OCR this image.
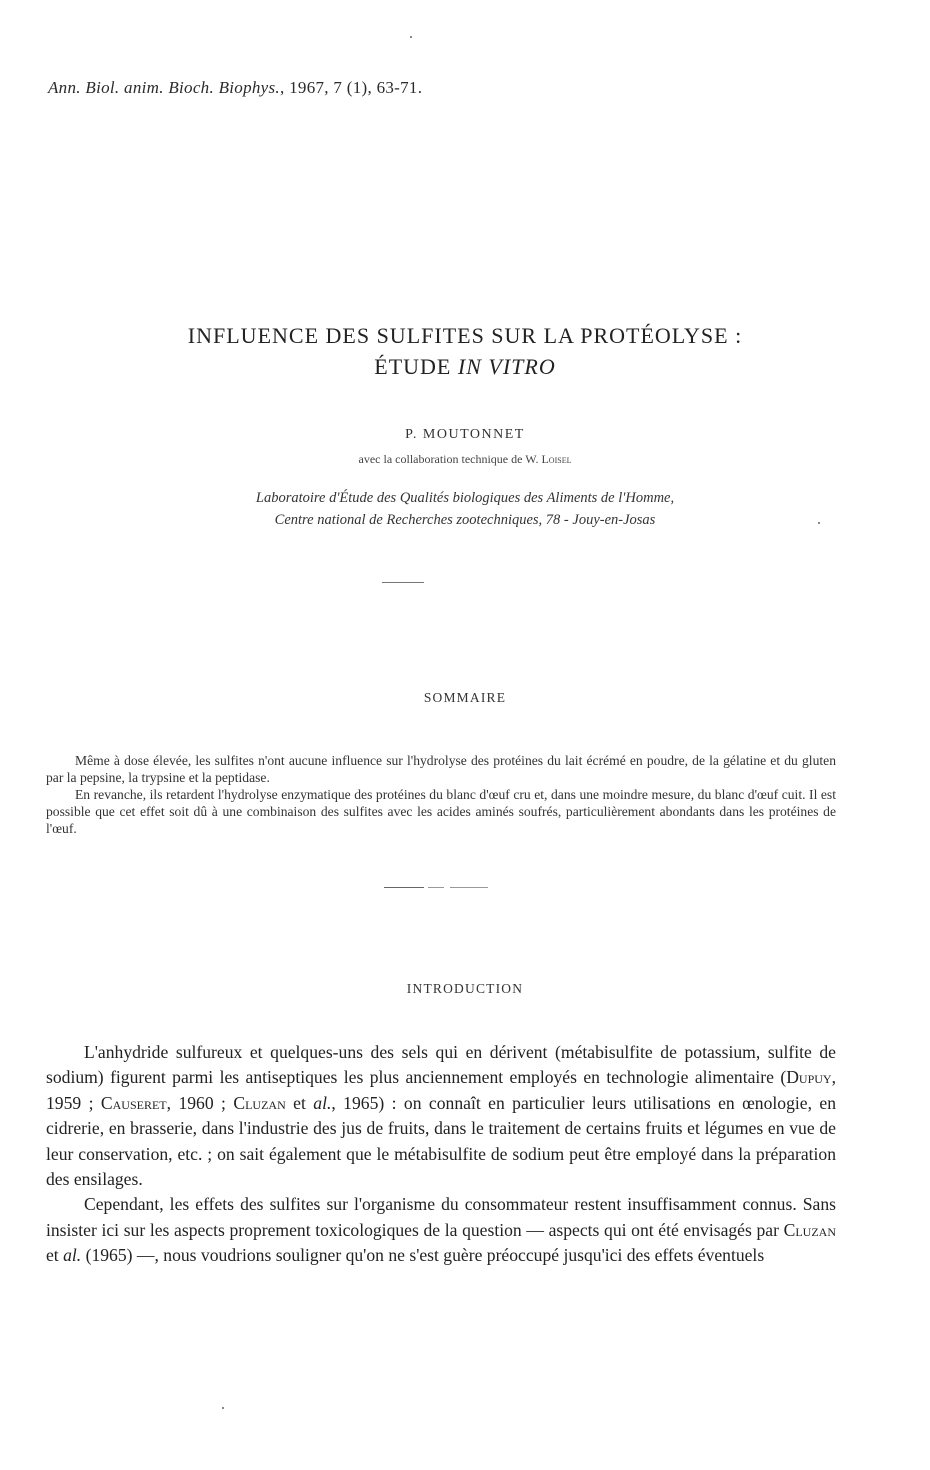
Ann. Biol. anim. Bioch. Biophys., 1967, 7 (1), 63-71.
INFLUENCE DES SULFITES SUR LA PROTÉOLYSE :
ÉTUDE IN VITRO
P. MOUTONNET
avec la collaboration technique de W. Loisel
Laboratoire d'Étude des Qualités biologiques des Aliments de l'Homme,
Centre national de Recherches zootechniques, 78 - Jouy-en-Josas
SOMMAIRE

Même à dose élevée, les sulfites n'ont aucune influence sur l'hydrolyse des protéines du lait écrémé en poudre, de la gélatine et du gluten par la pepsine, la trypsine et la peptidase.

En revanche, ils retardent l'hydrolyse enzymatique des protéines du blanc d'œuf cru et, dans une moindre mesure, du blanc d'œuf cuit. Il est possible que cet effet soit dû à une combinaison des sulfites avec les acides aminés soufrés, particulièrement abondants dans les protéines de l'œuf.

INTRODUCTION

L'anhydride sulfureux et quelques-uns des sels qui en dérivent (métabisulfite de potassium, sulfite de sodium) figurent parmi les antiseptiques les plus anciennement employés en technologie alimentaire (Dupuy, 1959 ; Causeret, 1960 ; Cluzan et al., 1965) : on connaît en particulier leurs utilisations en œnologie, en cidrerie, en brasserie, dans l'industrie des jus de fruits, dans le traitement de certains fruits et légumes en vue de leur conservation, etc. ; on sait également que le métabisulfite de sodium peut être employé dans la préparation des ensilages.

Cependant, les effets des sulfites sur l'organisme du consommateur restent insuffisamment connus. Sans insister ici sur les aspects proprement toxicologiques de la question — aspects qui ont été envisagés par Cluzan et al. (1965) —, nous voudrions souligner qu'on ne s'est guère préoccupé jusqu'ici des effets éventuels
